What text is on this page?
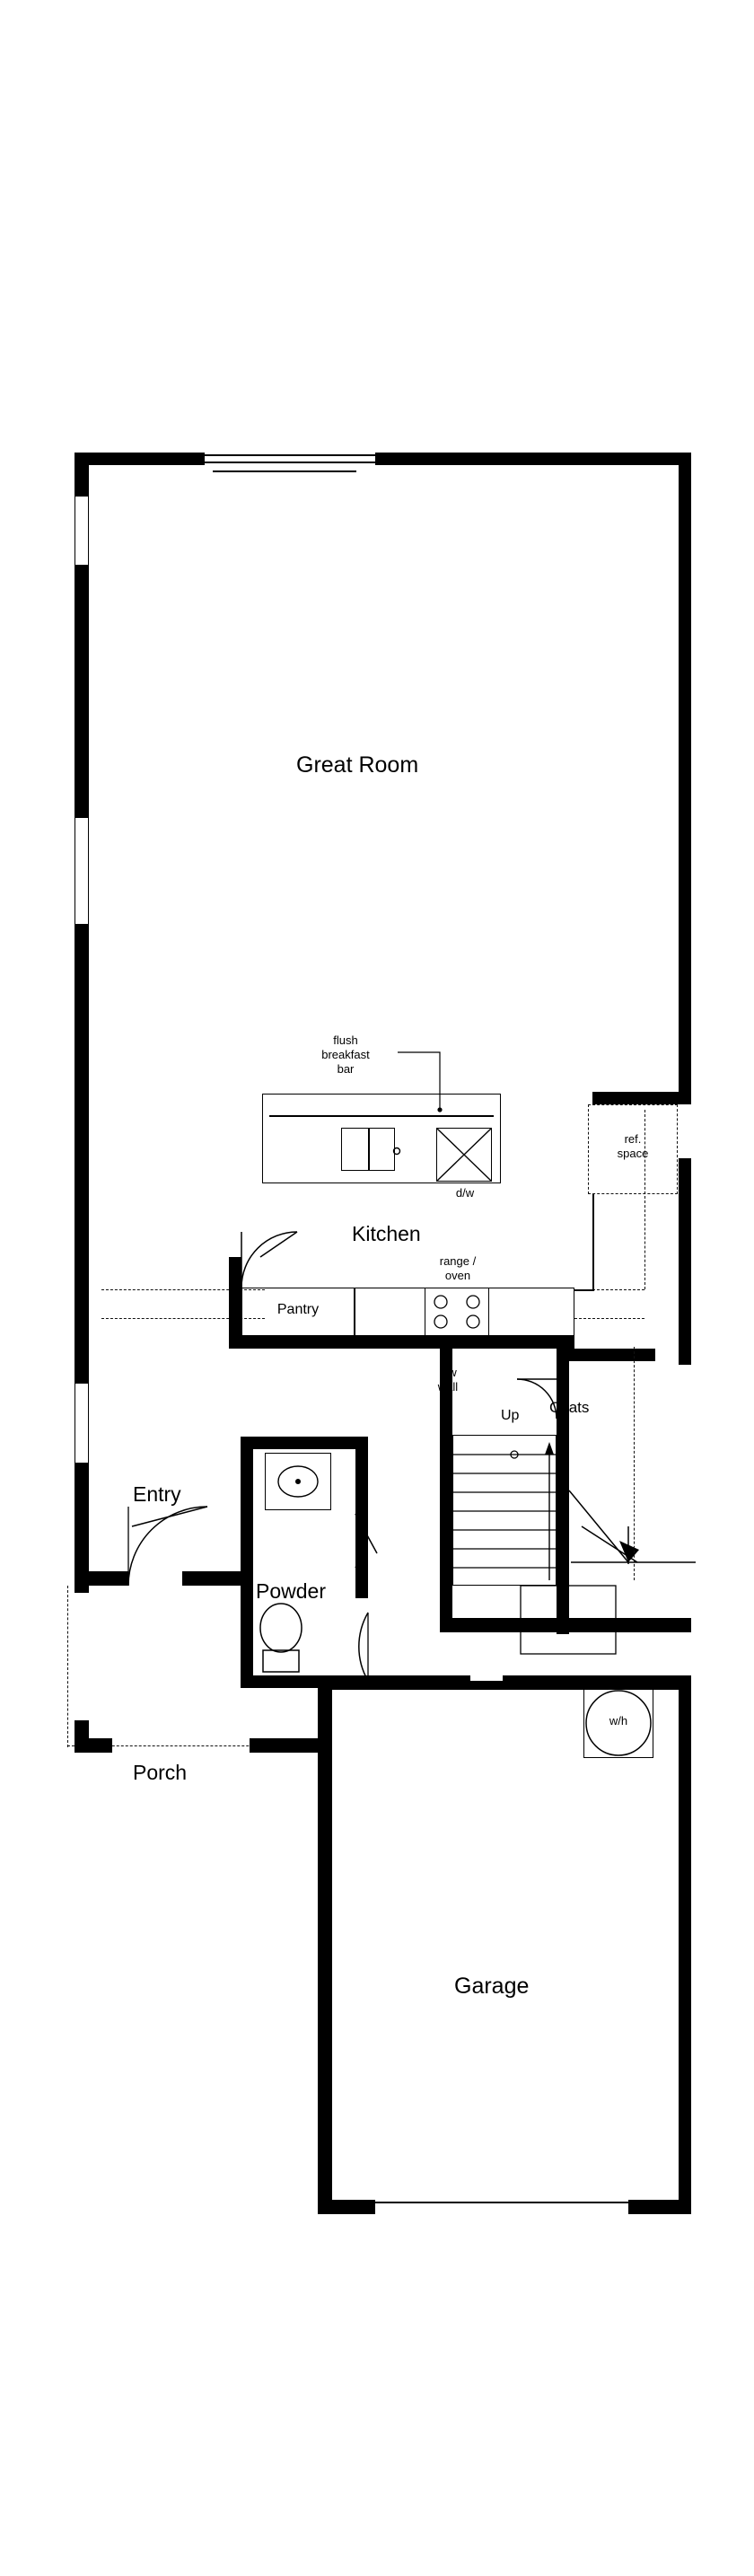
ref.
space
Great Room
d/w
flush
breakfast
bar
Kitchen
range /
oven
Pantry
Up
low
wall
Coats
Entry
Powder
Porch
Garage
w/h
